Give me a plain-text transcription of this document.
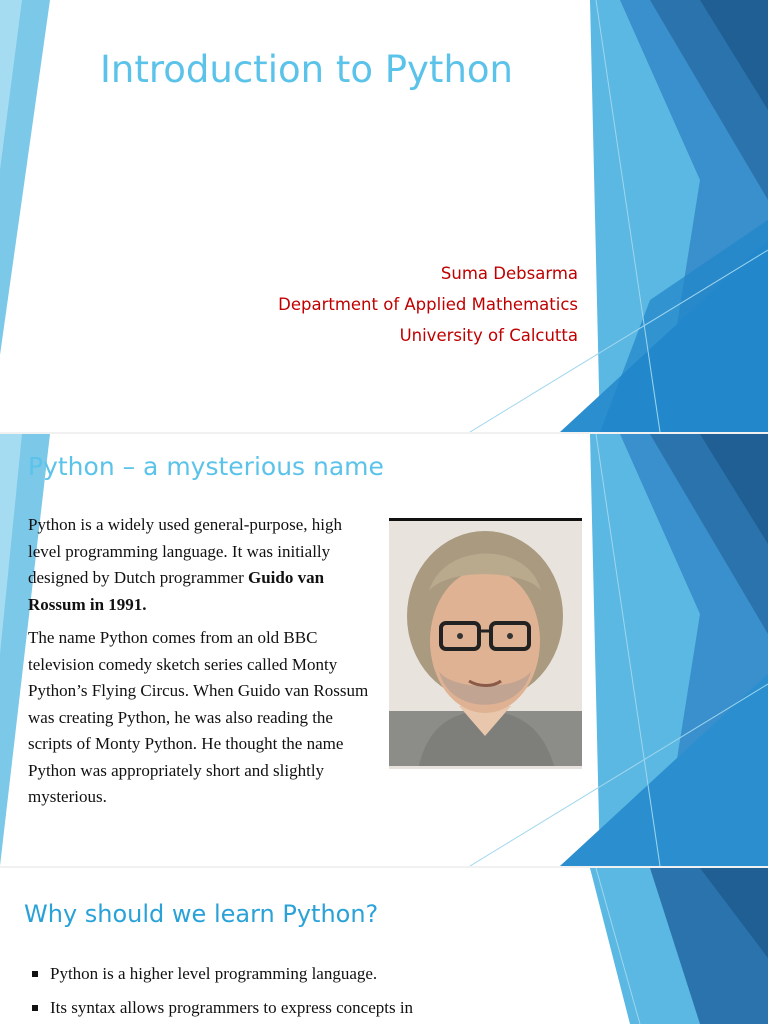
Introduction to Python
Suma Debsarma
Department of Applied Mathematics
University of Calcutta
Python – a mysterious name

Python is a widely used general-purpose, high level programming language. It was initially designed by Dutch programmer Guido van Rossum in 1991.

The name Python comes from an old BBC television comedy sketch series called Monty Python’s Flying Circus. When Guido van Rossum was creating Python, he was also reading the scripts of Monty Python. He thought the name Python was appropriately short and slightly mysterious.

Why should we learn Python?
Python is a higher level programming language.
Its syntax allows programmers to express concepts in
